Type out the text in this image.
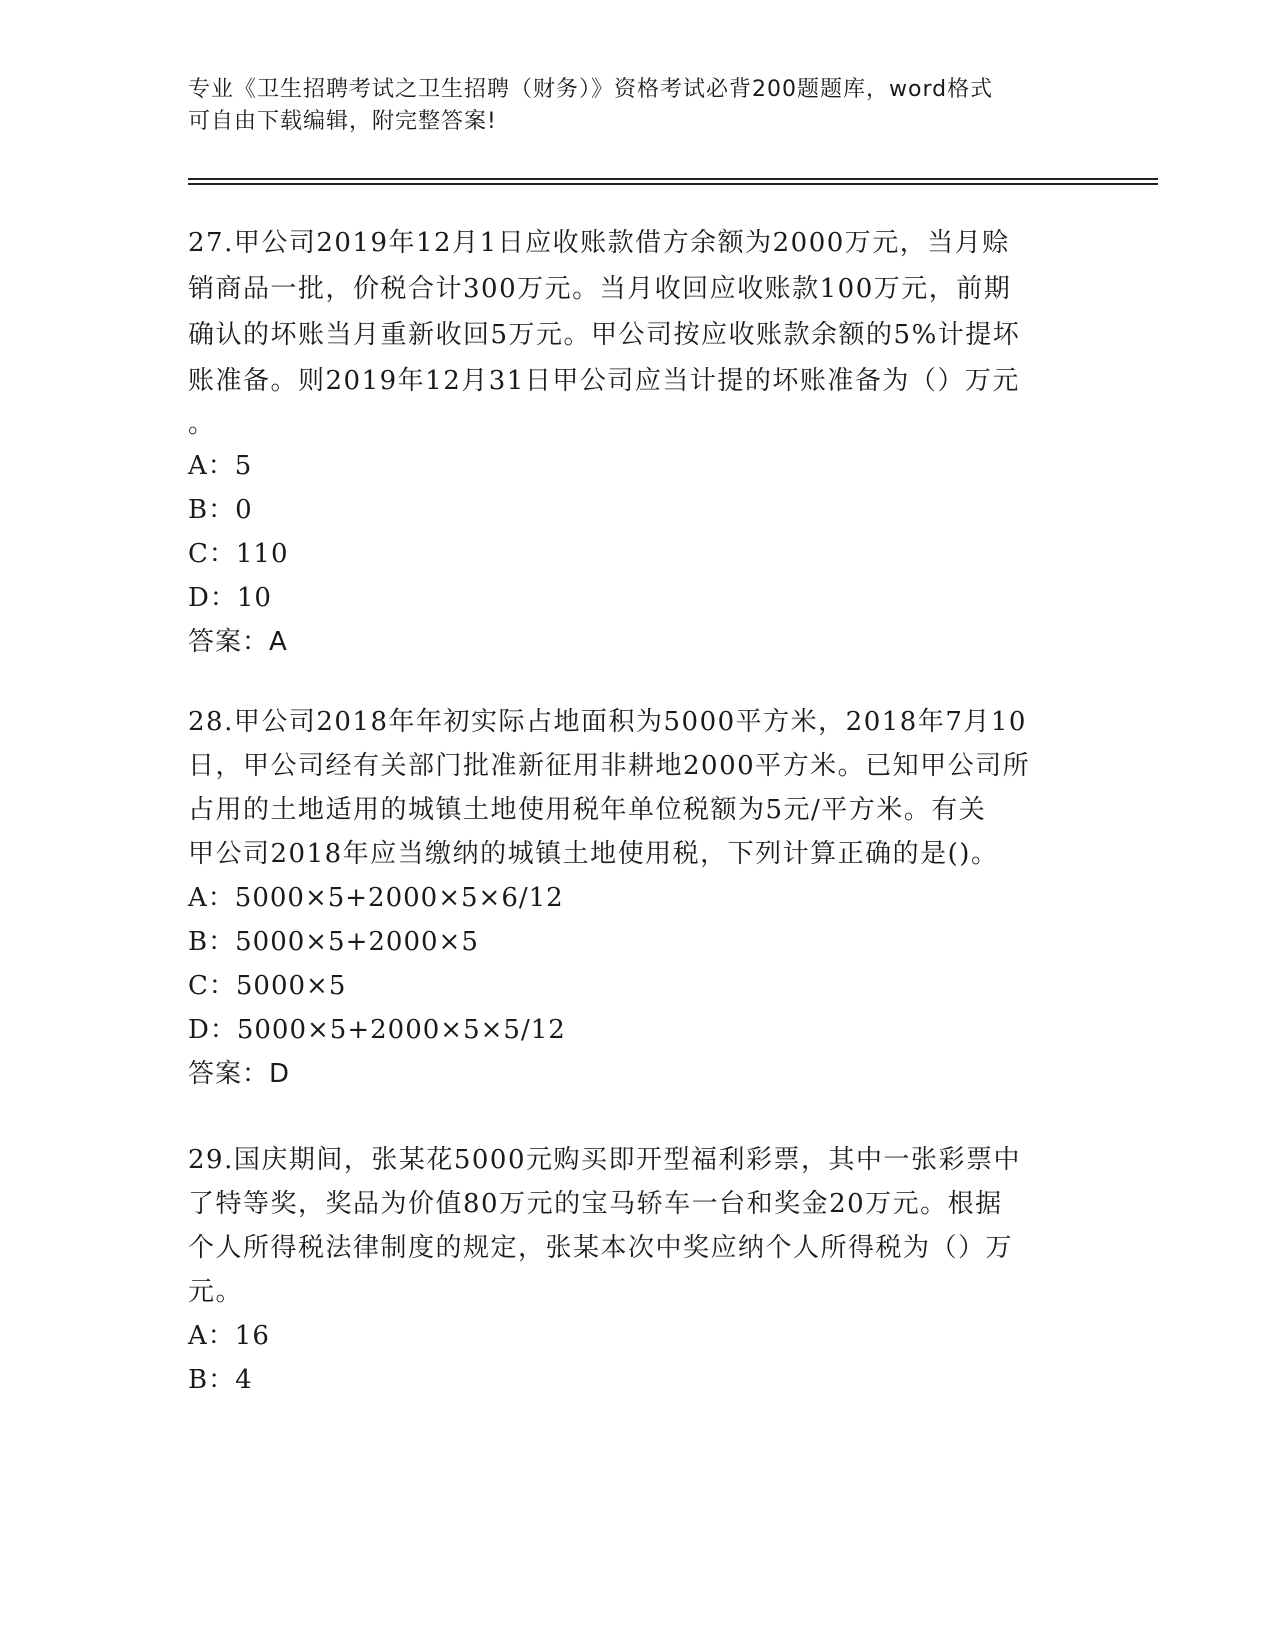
专业《卫生招聘考试之卫生招聘（财务）》资格考试必背200题题库，word格式
可自由下载编辑，附完整答案!

27.甲公司2019年12月1日应收账款借方余额为2000万元，当月赊

销商品一批，价税合计300万元。当月收回应收账款100万元，前期

确认的坏账当月重新收回5万元。甲公司按应收账款余额的5%计提坏

账准备。则2019年12月31日甲公司应当计提的坏账准备为（）万元

。

A：5

B：0

C：110

D：10

答案：A

28.甲公司2018年年初实际占地面积为5000平方米，2018年7月10

日，甲公司经有关部门批准新征用非耕地2000平方米。已知甲公司所

占用的土地适用的城镇土地使用税年单位税额为5元/平方米。有关

甲公司2018年应当缴纳的城镇土地使用税，下列计算正确的是()。

A：5000×5+2000×5×6/12

B：5000×5+2000×5

C：5000×5

D：5000×5+2000×5×5/12

答案：D

29.国庆期间，张某花5000元购买即开型福利彩票，其中一张彩票中

了特等奖，奖品为价值80万元的宝马轿车一台和奖金20万元。根据

个人所得税法律制度的规定，张某本次中奖应纳个人所得税为（）万

元。

A：16

B：4
